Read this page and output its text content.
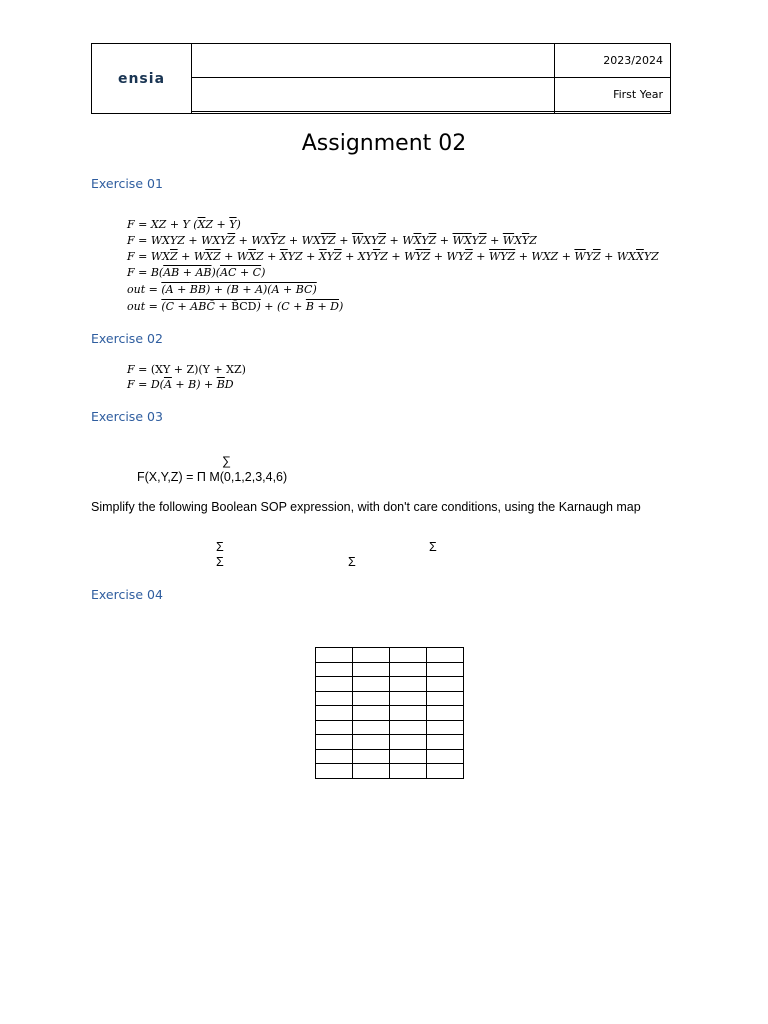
ensia		2023/2024
		First Year

Assignment 02
Exercise 01
F = XZ + Y $(\overline{X}Z + \overline{Y})$
F = WXYZ + $WXY\overline{Z} + WX\overline{Y}Z + WX\overline{Y}\overline{Z} + \overline{W}XY\overline{Z} + W\overline{X}Y\overline{Z} + \overline{W}\overline{X}Y\overline{Z} + \overline{W}X\overline{Y}Z$
$F = WX\overline{Z} + W\overline{X}\overline{Z} + W\overline{X}Z + \overline{X}YZ + \overline{X}Y\overline{Z} + XY\overline{Y}Z + W\overline{Y}\overline{Z} + WY\overline{Z} + \overline{W}\overline{Y}\overline{Z}$ + WXZ + $\overline{W}Y\overline{Z} + WX\overline{X}YZ$
F = B(AB + AB)(AC + C)
out = (A + BB) + (B + A)(A + BC)
out = (C + ABC̄ + B̄CD) + (C + B + D)
Exercise 02
F = (XY + Z)(Y + XZ)
$F = D(\overline{A} + B) + \overline{B}D$
Exercise 03
∑
F(X,Y,Z) = Π M(0,1,2,3,4,6)
Simplify the following Boolean SOP expression, with don't care conditions, using the Karnaugh map
Σ	Σ
Σ	Σ
Exercise 04
